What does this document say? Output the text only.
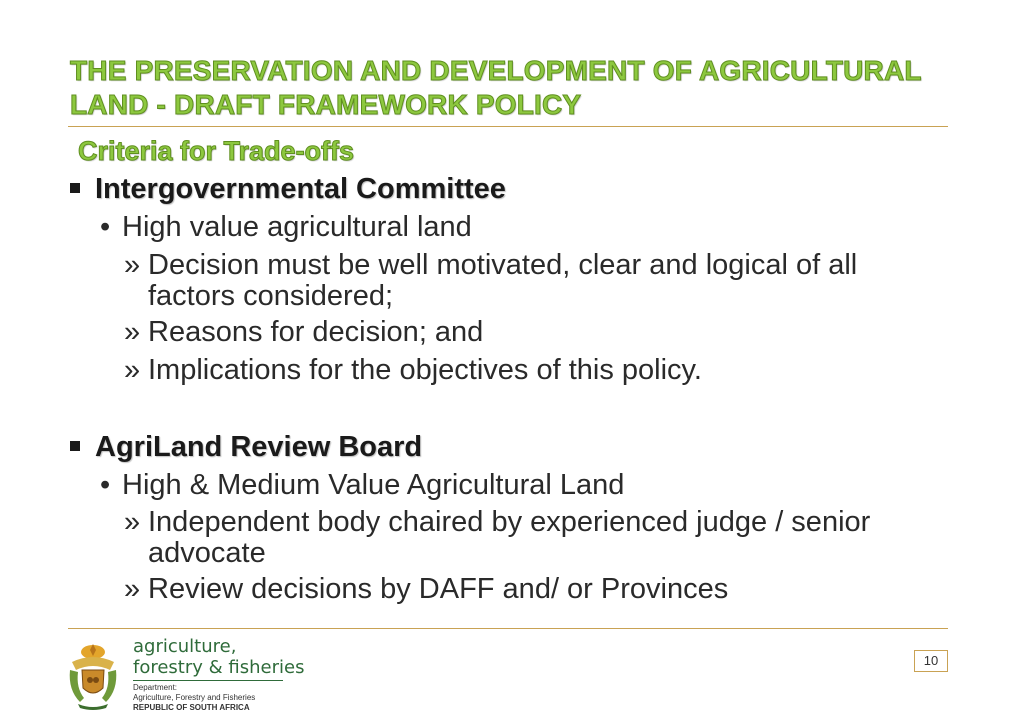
THE PRESERVATION AND DEVELOPMENT OF AGRICULTURAL
LAND - DRAFT FRAMEWORK POLICY
Criteria for Trade-offs
Intergovernmental Committee
• High value agricultural land
» Decision must be well motivated, clear and logical of all factors considered;
» Reasons for decision; and
» Implications for the objectives of this policy.
AgriLand Review Board
• High & Medium Value Agricultural Land
» Independent body chaired by experienced judge / senior advocate
» Review decisions by DAFF and/ or Provinces
agriculture,
forestry & fisheries
Department:
Agriculture, Forestry and Fisheries
REPUBLIC OF SOUTH AFRICA
10
